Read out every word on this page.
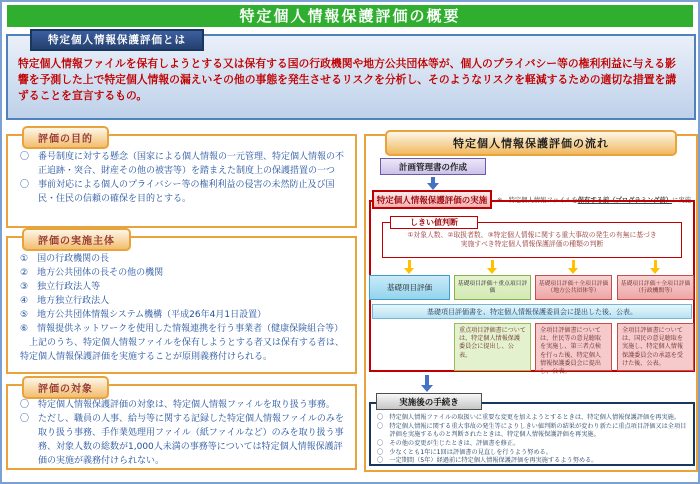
特定個人情報保護評価の概要
特定個人情報保護評価とは

特定個人情報ファイルを保有しようとする又は保有する国の行政機関や地方公共団体等が、個人のプライバシー等の権利利益に与える影響を予測した上で特定個人情報の漏えいその他の事態を発生させるリスクを分析し、そのようなリスクを軽減するための適切な措置を講ずることを宣言するもの。

評価の目的
〇　番号制度に対する懸念（国家による個人情報の一元管理、特定個人情報の不正追跡・突合、財産その他の被害等）を踏まえた制度上の保護措置の一つ
〇　事前対応による個人のプライバシー等の権利利益の侵害の未然防止及び国民・住民の信頼の確保を目的とする。
評価の実施主体
①　国の行政機関の長
②　地方公共団体の長その他の機関
③　独立行政法人等
④　地方独立行政法人
⑤　地方公共団体情報システム機構（平成26年4月1日設置）
⑥　情報提供ネットワークを使用した情報連携を行う事業者（健康保険組合等）
　上記のうち、特定個人情報ファイルを保有しようとする者又は保有する者は、特定個人情報保護評価を実施することが原則義務付けられる。
評価の対象
〇　特定個人情報保護評価の対象は、特定個人情報ファイルを取り扱う事務。
〇　ただし、職員の人事、給与等に関する記録した特定個人情報ファイルのみを取り扱う事務、手作業処理用ファイル（紙ファイルなど）のみを取り扱う事務、対象人数の総数が1,000人未満の事務等については特定個人情報保護評価の実施が義務付けられない。
特定個人情報保護評価の流れ
計画管理書の作成
特定個人情報保護評価の実施	※　特定個人情報ファイルを保有する前（プログラミング前）に実施
しきい値判断
①対象人数、②取扱者数、③特定個人情報に関する重大事故の発生の有無に基づき
実施すべき特定個人情報保護評価の種類の判断
基礎項目評価	基礎項目評価＋重点項目評価
基礎項目評価＋全項目評価
（地方公共団体等）
基礎項目評価＋全項目評価
（行政機関等）
基礎項目評価書を、特定個人情報保護委員会に提出した後、公表。
重点項目評価書については、特定個人情報保護委員会に提出し、公表。
全項目評価書については、住民等の意見聴取を実施し、第三者点検を行った後、特定個人情報保護委員会に提出し、公表。
全項目評価書については、国民の意見聴取を実施し、特定個人情報保護委員会の承認を受けた後、公表。
実施後の手続き
〇　特定個人情報ファイルの取扱いに重要な変更を加えようとするときは、特定個人情報保護評価を再実施。
〇　特定個人情報に関する重大事故の発生等によりしきい値判断の結果が変わり新たに重点項目評価又は全項目評価を実施するものと判断されたときは、特定個人情報保護評価を再実施。
〇　その他の変更が生じたときは、評価書を修正。
〇　少なくとも1年に1回は評価書の見直しを行うよう努める。
〇　一定期間（5年）経過前に特定個人情報保護評価を再実施するよう努める。
